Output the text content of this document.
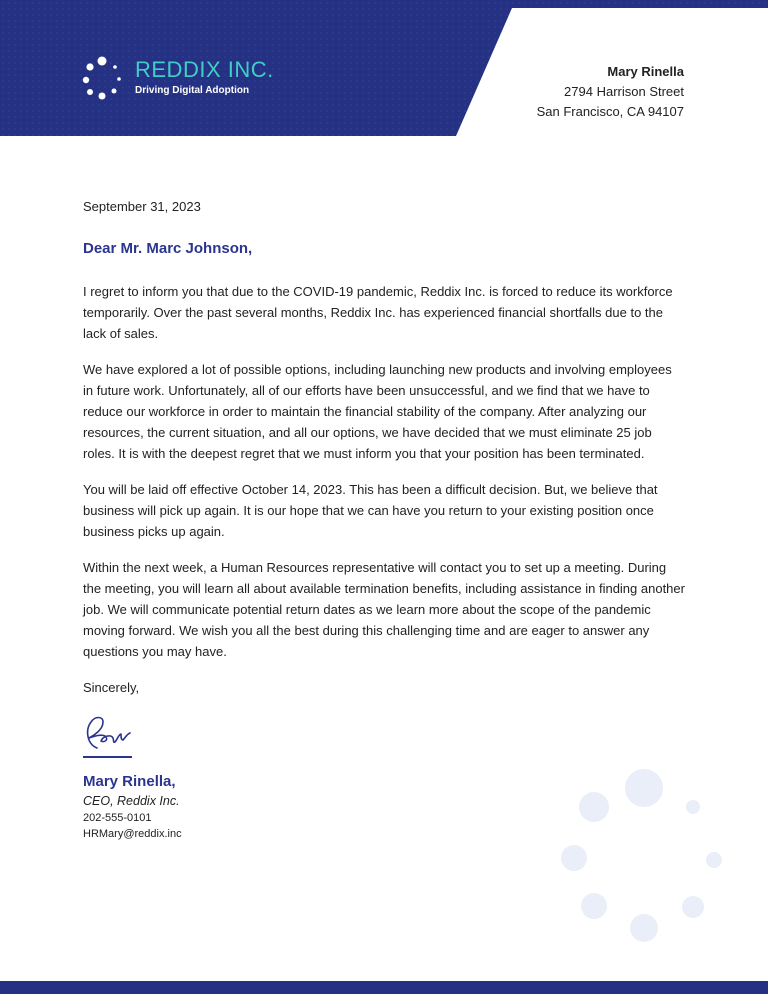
REDDIX INC.
Driving Digital Adoption
Mary Rinella
2794 Harrison Street
San Francisco, CA 94107

September 31, 2023

Dear Mr. Marc Johnson,

I regret to inform you that due to the COVID-19 pandemic, Reddix Inc. is forced to reduce its workforce temporarily. Over the past several months, Reddix Inc. has experienced financial shortfalls due to the lack of sales.

We have explored a lot of possible options, including launching new products and involving employees in future work. Unfortunately, all of our efforts have been unsuccessful, and we find that we have to reduce our workforce in order to maintain the financial stability of the company. After analyzing our resources, the current situation, and all our options, we have decided that we must eliminate 25 job roles. It is with the deepest regret that we must inform you that your position has been terminated.

You will be laid off effective October 14, 2023. This has been a difficult decision. But, we believe that business will pick up again. It is our hope that we can have you return to your existing position once business picks up again.

Within the next week, a Human Resources representative will contact you to set up a meeting. During the meeting, you will learn all about available termination benefits, including assistance in finding another job. We will communicate potential return dates as we learn more about the scope of the pandemic moving forward. We wish you all the best during this challenging time and are eager to answer any questions you may have.

Sincerely,

Mary Rinella,
CEO, Reddix Inc.
202-555-0101
HRMary@reddix.inc
